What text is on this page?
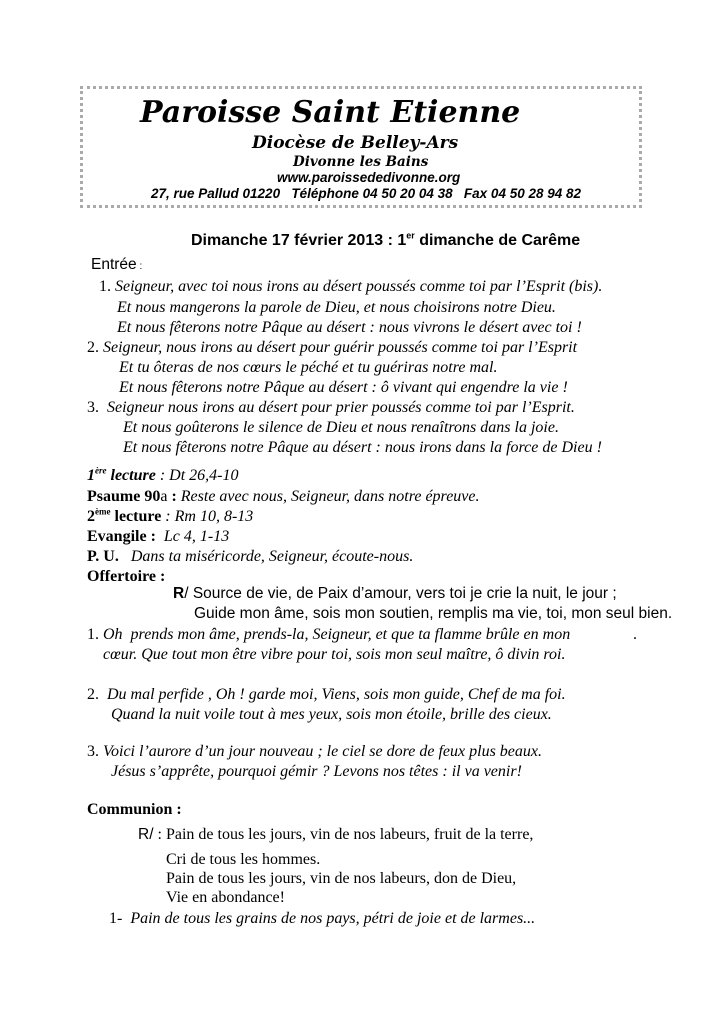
Paroisse Saint Etienne
Diocèse de Belley-Ars
Divonne les Bains
www.paroissededivonne.org
27, rue Pallud 01220   Téléphone 04 50 20 04 38   Fax 04 50 28 94 82
Dimanche 17 février 2013 : 1er dimanche de Carême
Entrée :
1. Seigneur, avec toi nous irons au désert poussés comme toi par l’Esprit (bis).
Et nous mangerons la parole de Dieu, et nous choisirons notre Dieu.
Et nous fêterons notre Pâque au désert : nous vivrons le désert avec toi !
2. Seigneur, nous irons au désert pour guérir poussés comme toi par l’Esprit
Et tu ôteras de nos cœurs le péché et tu guériras notre mal.
Et nous fêterons notre Pâque au désert : ô vivant qui engendre la vie !
3.  Seigneur nous irons au désert pour prier poussés comme toi par l’Esprit.
Et nous goûterons le silence de Dieu et nous renaîtrons dans la joie.
Et nous fêterons notre Pâque au désert : nous irons dans la force de Dieu !
1ère lecture : Dt 26,4-10
Psaume 90a : Reste avec nous, Seigneur, dans notre épreuve.
2ème lecture : Rm 10, 8-13
Evangile :  Lc 4, 1-13
P. U.   Dans ta miséricorde, Seigneur, écoute-nous.
Offertoire :
R/ Source de vie, de Paix d’amour, vers toi je crie la nuit, le jour ;
Guide mon âme, sois mon soutien, remplis ma vie, toi, mon seul bien.
1. Oh  prends mon âme, prends-la, Seigneur, et que ta flamme brûle en mon	.
cœur. Que tout mon être vibre pour toi, sois mon seul maître, ô divin roi.
2.  Du mal perfide , Oh ! garde moi, Viens, sois mon guide, Chef de ma foi.
Quand la nuit voile tout à mes yeux, sois mon étoile, brille des cieux.
3. Voici l’aurore d’un jour nouveau ; le ciel se dore de feux plus beaux.
Jésus s’apprête, pourquoi gémir ? Levons nos têtes : il va venir!
Communion :
R/ : Pain de tous les jours, vin de nos labeurs, fruit de la terre,
Cri de tous les hommes.
Pain de tous les jours, vin de nos labeurs, don de Dieu,
Vie en abondance!
1-  Pain de tous les grains de nos pays, pétri de joie et de larmes...
